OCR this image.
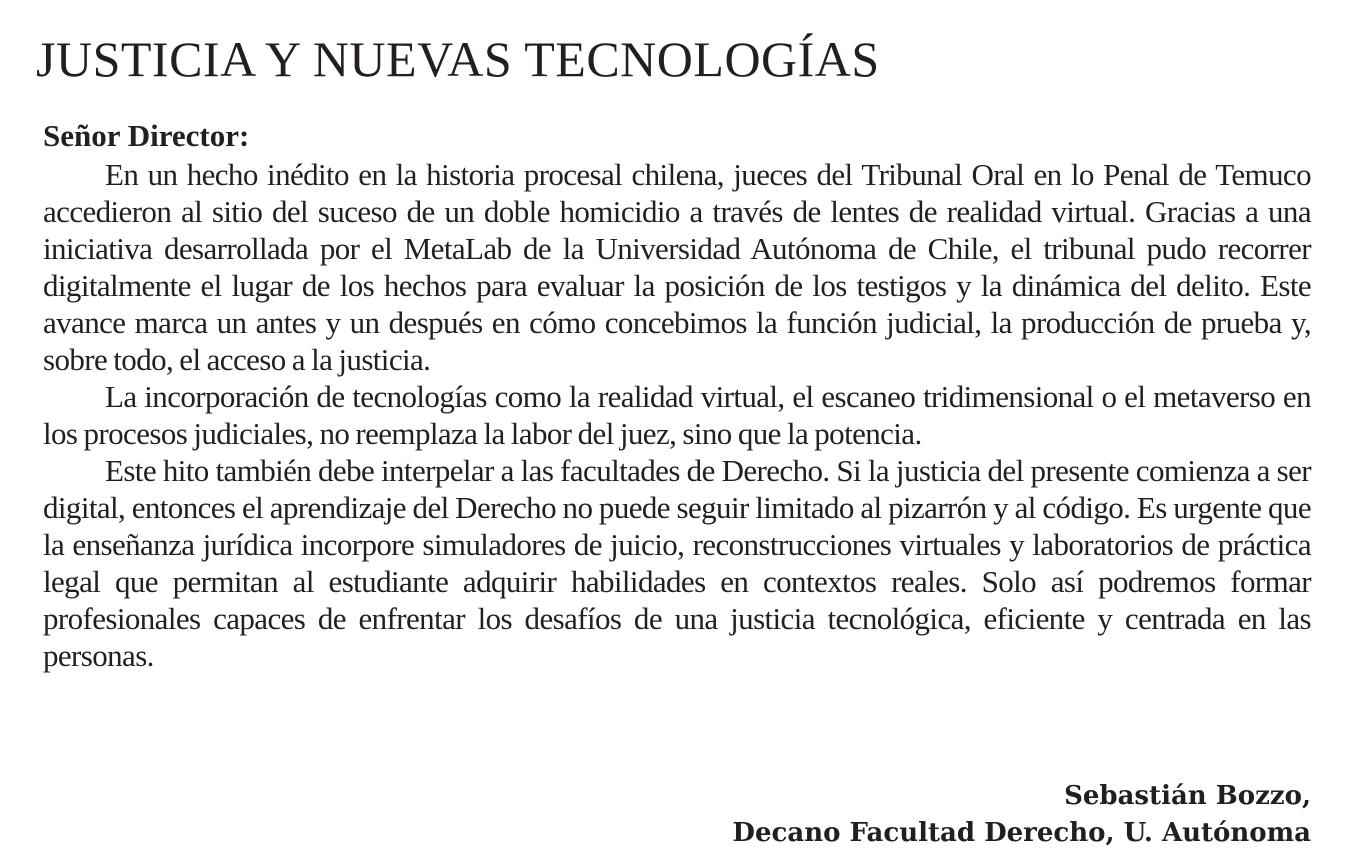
JUSTICIA Y NUEVAS TECNOLOGÍAS
Señor Director:

En un hecho inédito en la historia procesal chilena, jueces del Tribunal Oral en lo Penal de Temuco accedieron al sitio del suceso de un doble homicidio a través de lentes de realidad virtual. Gracias a una iniciativa desarrollada por el MetaLab de la Universidad Autónoma de Chile, el tribunal pudo recorrer digitalmente el lugar de los hechos para evaluar la posición de los testigos y la dinámica del delito. Este avance marca un antes y un después en cómo concebimos la función judicial, la producción de prueba y, sobre todo, el acceso a la justicia.

La incorporación de tecnologías como la realidad virtual, el escaneo tridimensional o el metaverso en los procesos judiciales, no reemplaza la labor del juez, sino que la potencia.

Este hito también debe interpelar a las facultades de Derecho. Si la justicia del presente comienza a ser digital, entonces el aprendizaje del Derecho no puede seguir limitado al pizarrón y al código. Es urgente que la enseñanza jurídica incorpore simuladores de juicio, reconstrucciones virtuales y laboratorios de práctica legal que permitan al estudiante adquirir habilidades en contextos reales. Solo así podremos formar profesionales capaces de enfrentar los desafíos de una justicia tecnológica, eficiente y centrada en las personas.

Sebastián Bozzo,
Decano Facultad Derecho, U. Autónoma
